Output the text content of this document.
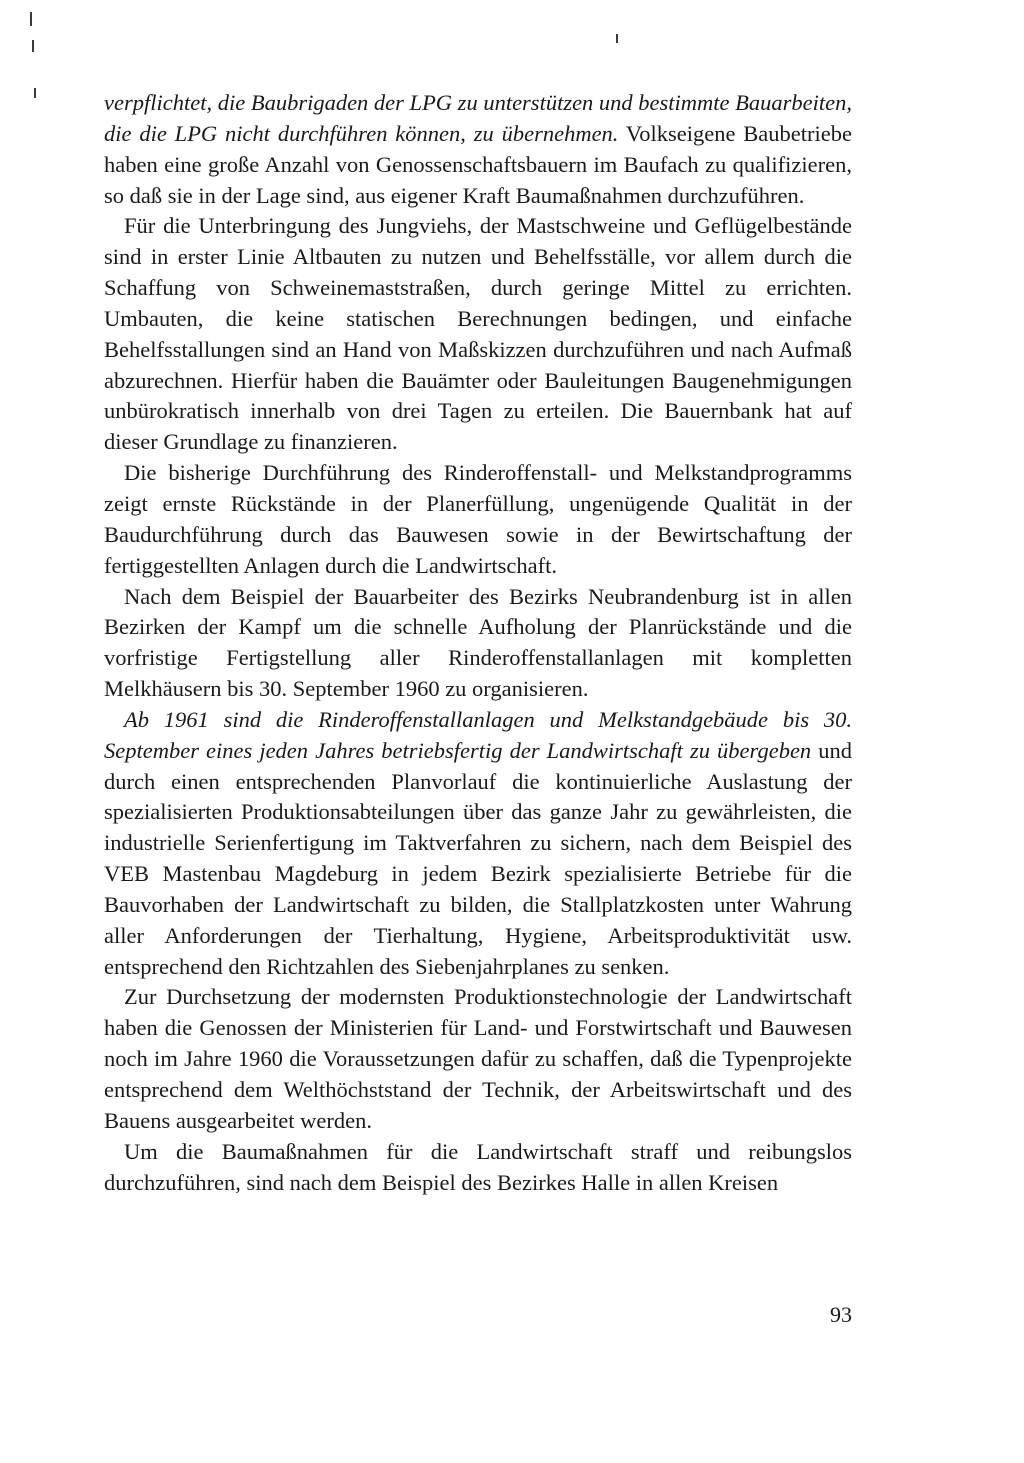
verpflichtet, die Baubrigaden der LPG zu unterstützen und bestimmte Bauarbeiten, die die LPG nicht durchführen können, zu übernehmen. Volkseigene Baubetriebe haben eine große Anzahl von Genossenschaftsbauern im Baufach zu qualifizieren, so daß sie in der Lage sind, aus eigener Kraft Baumaßnahmen durchzuführen.

Für die Unterbringung des Jungviehs, der Mastschweine und Geflügelbestände sind in erster Linie Altbauten zu nutzen und Behelfsställe, vor allem durch die Schaffung von Schweinemaststraßen, durch geringe Mittel zu errichten. Umbauten, die keine statischen Berechnungen bedingen, und einfache Behelfsstallungen sind an Hand von Maßskizzen durchzuführen und nach Aufmaß abzurechnen. Hierfür haben die Bauämter oder Bauleitungen Baugenehmigungen unbürokratisch innerhalb von drei Tagen zu erteilen. Die Bauernbank hat auf dieser Grundlage zu finanzieren.

Die bisherige Durchführung des Rinderoffenstall- und Melkstandprogramms zeigt ernste Rückstände in der Planerfüllung, ungenügende Qualität in der Baudurchführung durch das Bauwesen sowie in der Bewirtschaftung der fertiggestellten Anlagen durch die Landwirtschaft.

Nach dem Beispiel der Bauarbeiter des Bezirks Neubrandenburg ist in allen Bezirken der Kampf um die schnelle Aufholung der Planrückstände und die vorfristige Fertigstellung aller Rinderoffenstallanlagen mit kompletten Melkhäusern bis 30. September 1960 zu organisieren.

Ab 1961 sind die Rinderoffenstallanlagen und Melkstandgebäude bis 30. September eines jeden Jahres betriebsfertig der Landwirtschaft zu übergeben und durch einen entsprechenden Planvorlauf die kontinuierliche Auslastung der spezialisierten Produktionsabteilungen über das ganze Jahr zu gewährleisten, die industrielle Serienfertigung im Taktverfahren zu sichern, nach dem Beispiel des VEB Mastenbau Magdeburg in jedem Bezirk spezialisierte Betriebe für die Bauvorhaben der Landwirtschaft zu bilden, die Stallplatzkosten unter Wahrung aller Anforderungen der Tierhaltung, Hygiene, Arbeitsproduktivität usw. entsprechend den Richtzahlen des Siebenjahrplanes zu senken.

Zur Durchsetzung der modernsten Produktionstechnologie der Landwirtschaft haben die Genossen der Ministerien für Land- und Forstwirtschaft und Bauwesen noch im Jahre 1960 die Voraussetzungen dafür zu schaffen, daß die Typenprojekte entsprechend dem Welthöchststand der Technik, der Arbeitswirtschaft und des Bauens ausgearbeitet werden.

Um die Baumaßnahmen für die Landwirtschaft straff und reibungslos durchzuführen, sind nach dem Beispiel des Bezirkes Halle in allen Kreisen

93
